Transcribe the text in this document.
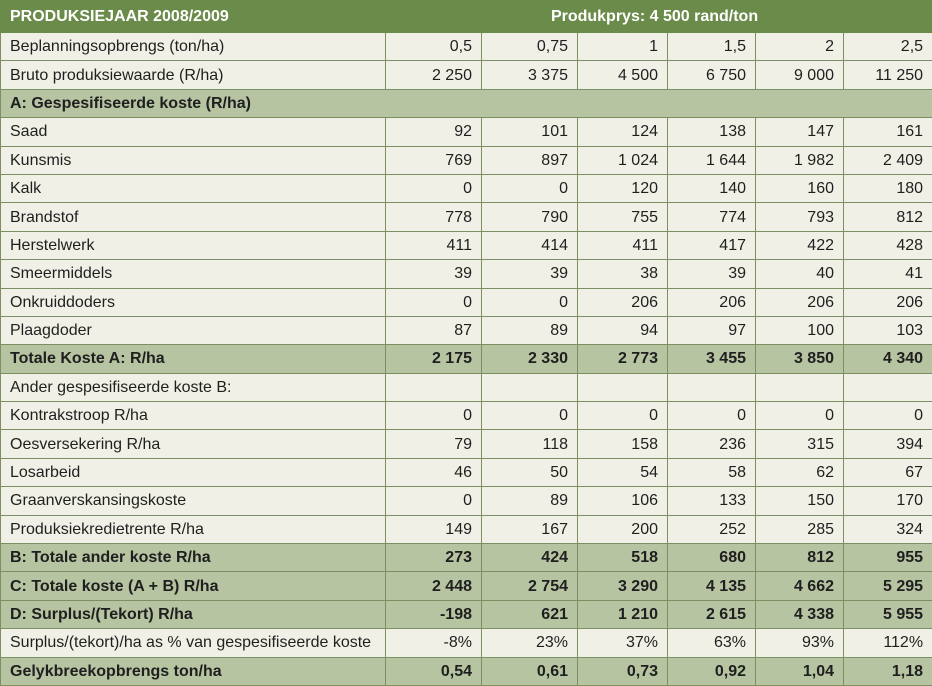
PRODUKSIEJAAR 2008/2009	Produkprys: 4 500 rand/ton					
Beplanningsopbrengs (ton/ha)	0,5	0,75	1	1,5	2	2,5
Bruto produksiewaarde (R/ha)	2 250	3 375	4 500	6 750	9 000	11 250
A: Gespesifiseerde koste (R/ha)						
Saad	92	101	124	138	147	161
Kunsmis	769	897	1 024	1 644	1 982	2 409
Kalk	0	0	120	140	160	180
Brandstof	778	790	755	774	793	812
Herstelwerk	411	414	411	417	422	428
Smeermiddels	39	39	38	39	40	41
Onkruiddoders	0	0	206	206	206	206
Plaagdoder	87	89	94	97	100	103
Totale Koste A: R/ha	2 175	2 330	2 773	3 455	3 850	4 340
Ander gespesifiseerde koste B:						
Kontrakstroop R/ha	0	0	0	0	0	0
Oesversekering R/ha	79	118	158	236	315	394
Losarbeid	46	50	54	58	62	67
Graanverskansingskoste	0	89	106	133	150	170
Produksiekredietrente R/ha	149	167	200	252	285	324
B: Totale ander koste R/ha	273	424	518	680	812	955
C: Totale koste (A + B) R/ha	2 448	2 754	3 290	4 135	4 662	5 295
D: Surplus/(Tekort) R/ha	-198	621	1 210	2 615	4 338	5 955
Surplus/(tekort)/ha as % van gespesifiseerde koste	-8%	23%	37%	63%	93%	112%
Gelykbreekopbrengs ton/ha	0,54	0,61	0,73	0,92	1,04	1,18
